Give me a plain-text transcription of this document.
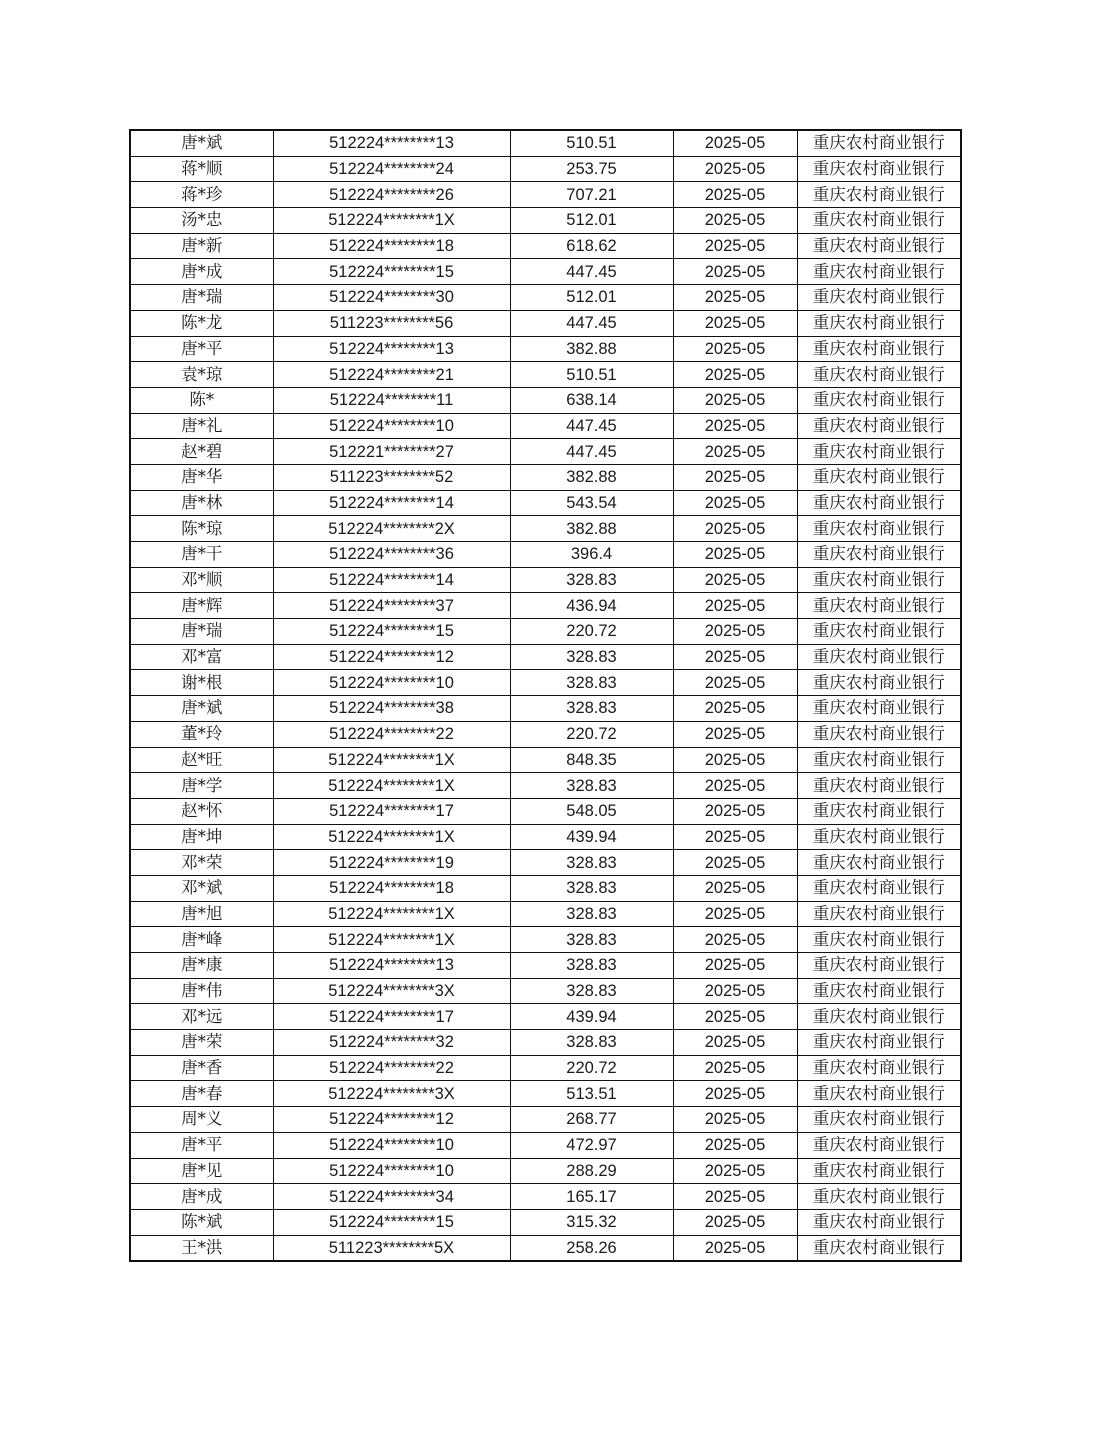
唐*斌	512224********13	510.51	2025-05	重庆农村商业银行
蒋*顺	512224********24	253.75	2025-05	重庆农村商业银行
蒋*珍	512224********26	707.21	2025-05	重庆农村商业银行
汤*忠	512224********1X	512.01	2025-05	重庆农村商业银行
唐*新	512224********18	618.62	2025-05	重庆农村商业银行
唐*成	512224********15	447.45	2025-05	重庆农村商业银行
唐*瑞	512224********30	512.01	2025-05	重庆农村商业银行
陈*龙	511223********56	447.45	2025-05	重庆农村商业银行
唐*平	512224********13	382.88	2025-05	重庆农村商业银行
袁*琼	512224********21	510.51	2025-05	重庆农村商业银行
陈*	512224********11	638.14	2025-05	重庆农村商业银行
唐*礼	512224********10	447.45	2025-05	重庆农村商业银行
赵*碧	512221********27	447.45	2025-05	重庆农村商业银行
唐*华	511223********52	382.88	2025-05	重庆农村商业银行
唐*林	512224********14	543.54	2025-05	重庆农村商业银行
陈*琼	512224********2X	382.88	2025-05	重庆农村商业银行
唐*干	512224********36	396.4	2025-05	重庆农村商业银行
邓*顺	512224********14	328.83	2025-05	重庆农村商业银行
唐*辉	512224********37	436.94	2025-05	重庆农村商业银行
唐*瑞	512224********15	220.72	2025-05	重庆农村商业银行
邓*富	512224********12	328.83	2025-05	重庆农村商业银行
谢*根	512224********10	328.83	2025-05	重庆农村商业银行
唐*斌	512224********38	328.83	2025-05	重庆农村商业银行
董*玲	512224********22	220.72	2025-05	重庆农村商业银行
赵*旺	512224********1X	848.35	2025-05	重庆农村商业银行
唐*学	512224********1X	328.83	2025-05	重庆农村商业银行
赵*怀	512224********17	548.05	2025-05	重庆农村商业银行
唐*坤	512224********1X	439.94	2025-05	重庆农村商业银行
邓*荣	512224********19	328.83	2025-05	重庆农村商业银行
邓*斌	512224********18	328.83	2025-05	重庆农村商业银行
唐*旭	512224********1X	328.83	2025-05	重庆农村商业银行
唐*峰	512224********1X	328.83	2025-05	重庆农村商业银行
唐*康	512224********13	328.83	2025-05	重庆农村商业银行
唐*伟	512224********3X	328.83	2025-05	重庆农村商业银行
邓*远	512224********17	439.94	2025-05	重庆农村商业银行
唐*荣	512224********32	328.83	2025-05	重庆农村商业银行
唐*香	512224********22	220.72	2025-05	重庆农村商业银行
唐*春	512224********3X	513.51	2025-05	重庆农村商业银行
周*义	512224********12	268.77	2025-05	重庆农村商业银行
唐*平	512224********10	472.97	2025-05	重庆农村商业银行
唐*见	512224********10	288.29	2025-05	重庆农村商业银行
唐*成	512224********34	165.17	2025-05	重庆农村商业银行
陈*斌	512224********15	315.32	2025-05	重庆农村商业银行
王*洪	511223********5X	258.26	2025-05	重庆农村商业银行
